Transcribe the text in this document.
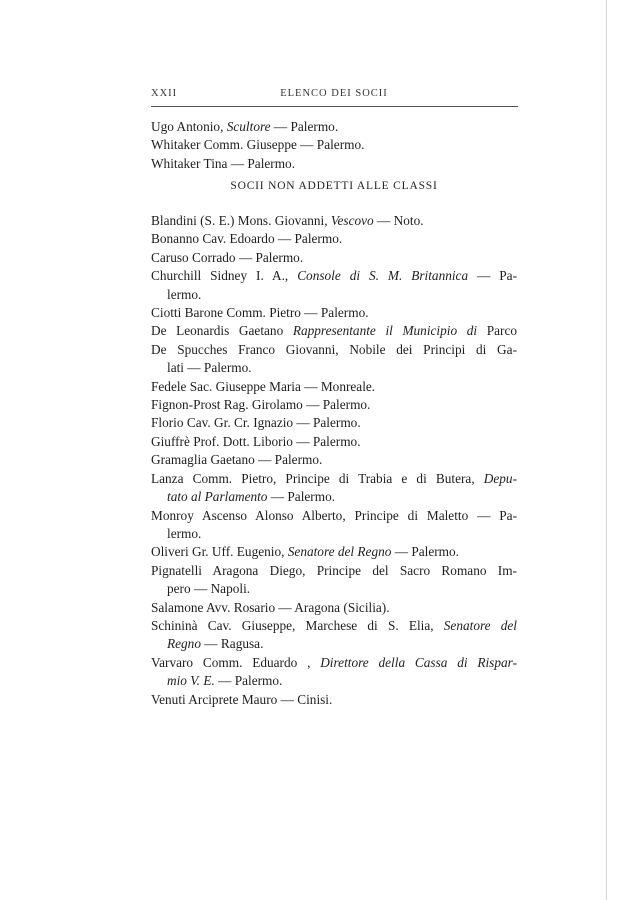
XXII	ELENCO DEI SOCII

Ugo Antonio, Scultore — Palermo.

Whitaker Comm. Giuseppe — Palermo.

Whitaker Tina — Palermo.

SOCII NON ADDETTI ALLE CLASSI

Blandini (S. E.) Mons. Giovanni, Vescovo — Noto.

Bonanno Cav. Edoardo — Palermo.

Caruso Corrado — Palermo.

Churchill Sidney I. A., Console di S. M. Britannica — Pa-
lermo.

Ciotti Barone Comm. Pietro — Palermo.

De Leonardis Gaetano Rappresentante il Municipio di Parco

De Spucches Franco Giovanni, Nobile dei Principi di Ga-
lati — Palermo.

Fedele Sac. Giuseppe Maria — Monreale.

Fignon-Prost Rag. Girolamo — Palermo.

Florio Cav. Gr. Cr. Ignazio — Palermo.

Giuffrè Prof. Dott. Liborio — Palermo.

Gramaglia Gaetano — Palermo.

Lanza Comm. Pietro, Principe di Trabia e di Butera, Depu-
tato al Parlamento — Palermo.

Monroy Ascenso Alonso Alberto, Principe di Maletto — Pa-
lermo.

Oliveri Gr. Uff. Eugenio, Senatore del Regno — Palermo.

Pignatelli Aragona Diego, Principe del Sacro Romano Im-
pero — Napoli.

Salamone Avv. Rosario — Aragona (Sicilia).

Schininà Cav. Giuseppe, Marchese di S. Elia, Senatore del
Regno — Ragusa.

Varvaro Comm. Eduardo , Direttore della Cassa di Rispar-
mio V. E. — Palermo.

Venuti Arciprete Mauro — Cinisi.
